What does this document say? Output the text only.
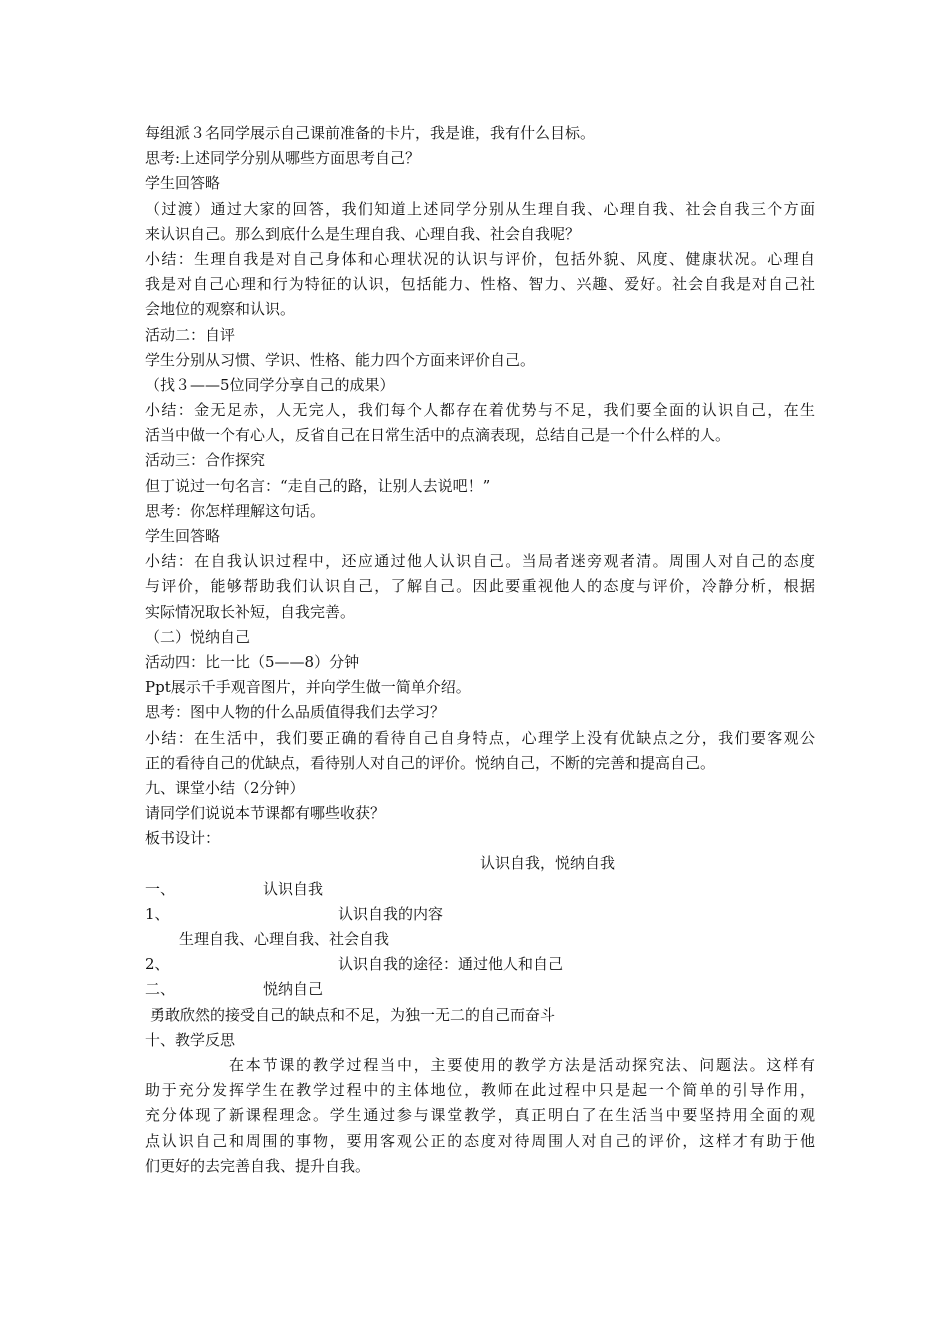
每组派３名同学展示自己课前准备的卡片，我是谁，我有什么目标。
思考:上述同学分别从哪些方面思考自己？
学生回答略
（过渡）通过大家的回答，我们知道上述同学分别从生理自我、心理自我、社会自我三个方面
来认识自己。那么到底什么是生理自我、心理自我、社会自我呢？
小结：生理自我是对自己身体和心理状况的认识与评价，包括外貌、风度、健康状况。心理自
我是对自己心理和行为特征的认识，包括能力、性格、智力、兴趣、爱好。社会自我是对自己社
会地位的观察和认识。
活动二：自评
学生分别从习惯、学识、性格、能力四个方面来评价自己。
（找３——5位同学分享自己的成果）
小结：金无足赤，人无完人，我们每个人都存在着优势与不足，我们要全面的认识自己，在生
活当中做一个有心人，反省自己在日常生活中的点滴表现，总结自己是一个什么样的人。
活动三：合作探究
但丁说过一句名言：“走自己的路，让别人去说吧！”
思考：你怎样理解这句话。
学生回答略
小结：在自我认识过程中，还应通过他人认识自己。当局者迷旁观者清。周围人对自己的态度
与评价，能够帮助我们认识自己，了解自己。因此要重视他人的态度与评价，冷静分析，根据
实际情况取长补短，自我完善。
（二）悦纳自己
活动四：比一比（5——8）分钟
Ppt展示千手观音图片，并向学生做一简单介绍。
思考：图中人物的什么品质值得我们去学习？
小结：在生活中，我们要正确的看待自己自身特点，心理学上没有优缺点之分，我们要客观公
正的看待自己的优缺点，看待别人对自己的评价。悦纳自己，不断的完善和提高自己。
九、课堂小结（2分钟）
请同学们说说本节课都有哪些收获？
板书设计：
认识自我，悦纳自我
一、	认识自我
1、	认识自我的内容
生理自我、心理自我、社会自我
2、	认识自我的途径：通过他人和自己
二、	悦纳自己
勇敢欣然的接受自己的缺点和不足，为独一无二的自己而奋斗
十、教学反思
在本节课的教学过程当中，主要使用的教学方法是活动探究法、问题法。这样有
助于充分发挥学生在教学过程中的主体地位，教师在此过程中只是起一个简单的引导作用，
充分体现了新课程理念。学生通过参与课堂教学，真正明白了在生活当中要坚持用全面的观
点认识自己和周围的事物，要用客观公正的态度对待周围人对自己的评价，这样才有助于他
们更好的去完善自我、提升自我。
